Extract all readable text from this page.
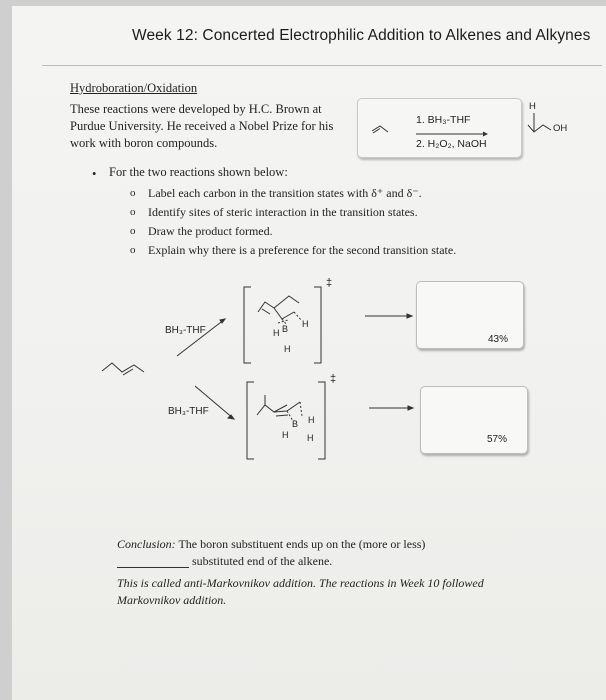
Week 12: Concerted Electrophilic Addition to Alkenes and Alkynes
Hydroboration/Oxidation
These reactions were developed by H.C. Brown at
Purdue University. He received a Nobel Prize for his
work with boron compounds.
1. BH₃-THF
2. H₂O₂, NaOH
H
OH
• For the two reactions shown below:
o Label each carbon in the transition states with δ⁺ and δ⁻.
o Identify sites of steric interaction in the transition states.
o Draw the product formed.
o Explain why there is a preference for the second transition state.
BH₃-THF
BH₃-THF
‡
‡
H B H
H
B H
H H
43%
57%
Conclusion: The boron substituent ends up on the (more or less)
substituted end of the alkene.
This is called anti-Markovnikov addition. The reactions in Week 10 followed
Markovnikov addition.
